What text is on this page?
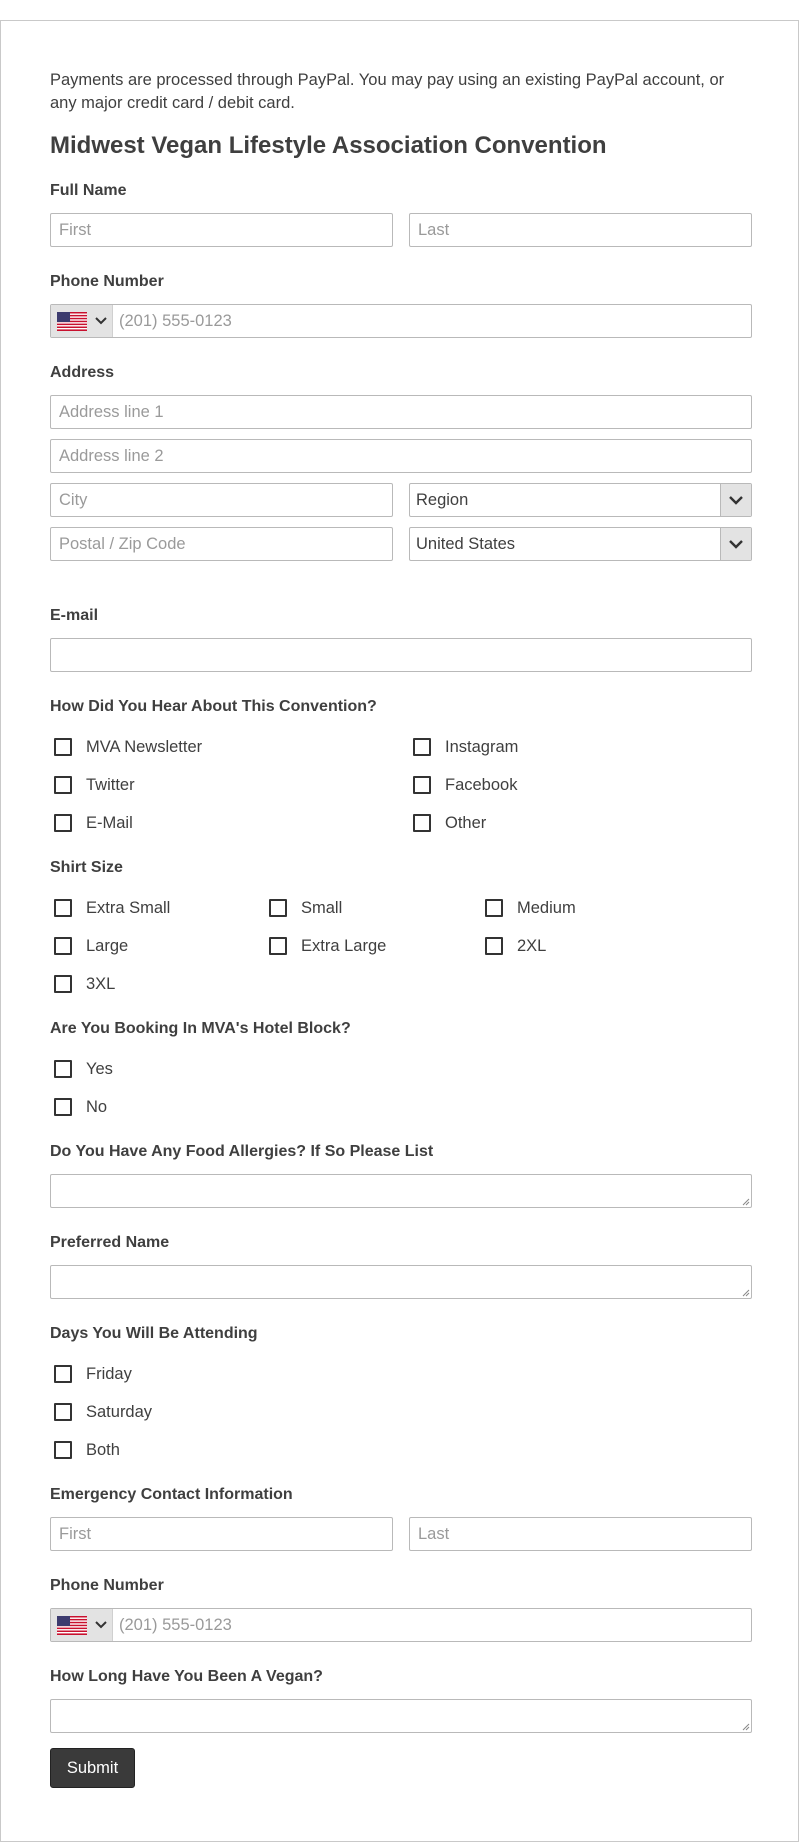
Payments are processed through PayPal. You may pay using an existing PayPal account, or any major credit card / debit card.
Midwest Vegan Lifestyle Association Convention
Full Name
First	Last
Phone Number
(201) 555-0123
Address
Address line 1
Address line 2
City	Region
Postal / Zip Code	United States
E-mail
How Did You Hear About This Convention?
MVA Newsletter	Instagram
Twitter	Facebook
E-Mail	Other
Shirt Size
Extra Small	Small	Medium
Large	Extra Large	2XL
3XL
Are You Booking In MVA's Hotel Block?
Yes
No
Do You Have Any Food Allergies? If So Please List
Preferred Name
Days You Will Be Attending
Friday
Saturday
Both
Emergency Contact Information
First	Last
Phone Number
(201) 555-0123
How Long Have You Been A Vegan?
Submit
